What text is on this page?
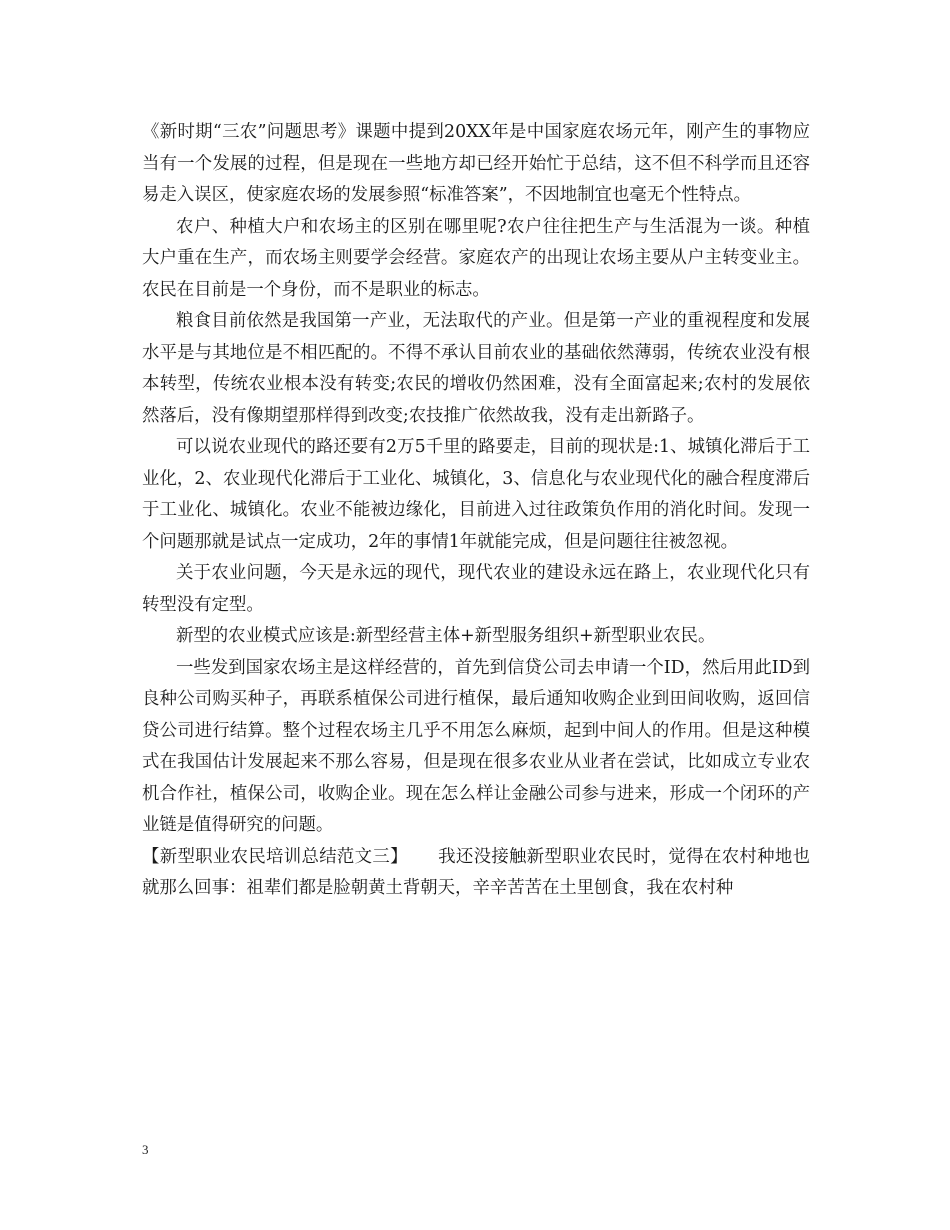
《新时期“三农”问题思考》课题中提到20XX年是中国家庭农场元年，刚产生的事物应当有一个发展的过程，但是现在一些地方却已经开始忙于总结，这不但不科学而且还容易走入误区，使家庭农场的发展参照“标准答案”，不因地制宜也毫无个性特点。

农户、种植大户和农场主的区别在哪里呢?农户往往把生产与生活混为一谈。种植大户重在生产，而农场主则要学会经营。家庭农产的出现让农场主要从户主转变业主。农民在目前是一个身份，而不是职业的标志。

粮食目前依然是我国第一产业，无法取代的产业。但是第一产业的重视程度和发展水平是与其地位是不相匹配的。不得不承认目前农业的基础依然薄弱，传统农业没有根本转型，传统农业根本没有转变;农民的增收仍然困难，没有全面富起来;农村的发展依然落后，没有像期望那样得到改变;农技推广依然故我，没有走出新路子。

可以说农业现代的路还要有2万5千里的路要走，目前的现状是:1、城镇化滞后于工业化，2、农业现代化滞后于工业化、城镇化，3、信息化与农业现代化的融合程度滞后于工业化、城镇化。农业不能被边缘化，目前进入过往政策负作用的消化时间。发现一个问题那就是试点一定成功，2年的事情1年就能完成，但是问题往往被忽视。

关于农业问题，今天是永远的现代，现代农业的建设永远在路上，农业现代化只有转型没有定型。

新型的农业模式应该是:新型经营主体+新型服务组织+新型职业农民。

一些发到国家农场主是这样经营的，首先到信贷公司去申请一个ID，然后用此ID到良种公司购买种子，再联系植保公司进行植保，最后通知收购企业到田间收购，返回信贷公司进行结算。整个过程农场主几乎不用怎么麻烦，起到中间人的作用。但是这种模式在我国估计发展起来不那么容易，但是现在很多农业从业者在尝试，比如成立专业农机合作社，植保公司，收购企业。现在怎么样让金融公司参与进来，形成一个闭环的产业链是值得研究的问题。

【新型职业农民培训总结范文三】 我还没接触新型职业农民时，觉得在农村种地也就那么回事：祖辈们都是脸朝黄土背朝天，辛辛苦苦在土里刨食，我在农村种

3
